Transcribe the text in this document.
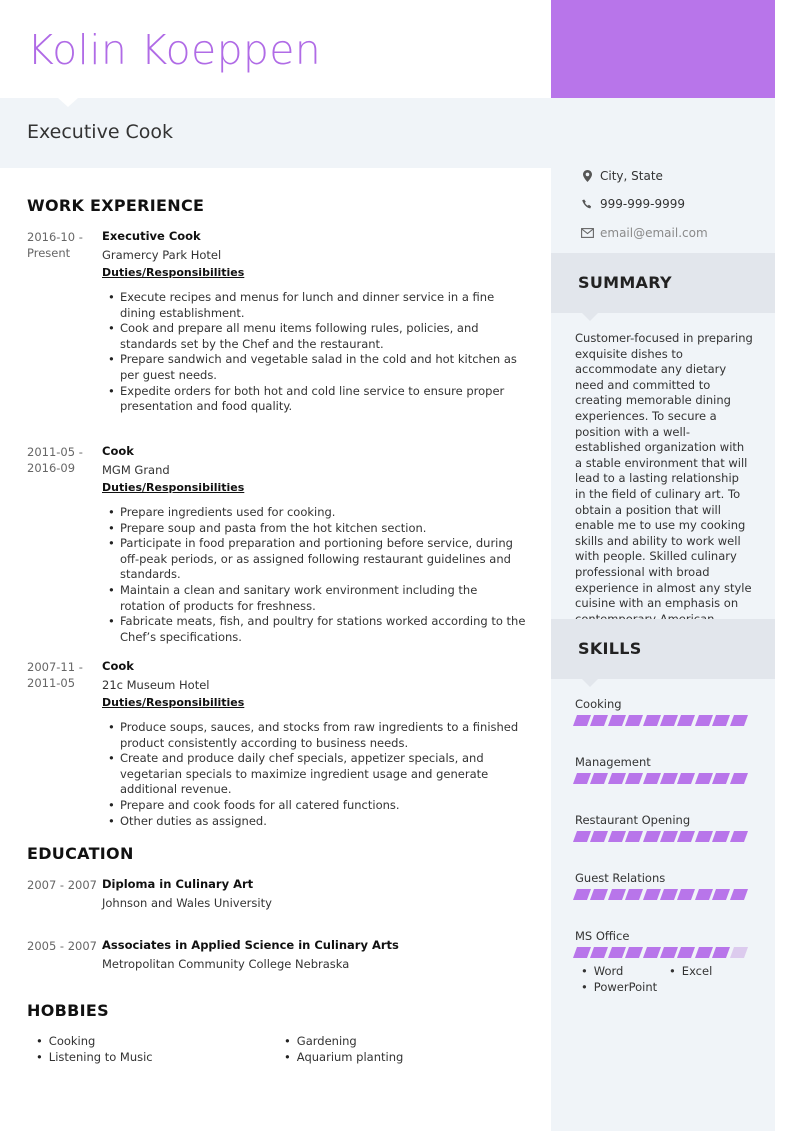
Kolin Koeppen
Executive Cook
City, State
999-999-9999
email@email.com
SUMMARY
Customer-focused in preparing exquisite dishes to accommodate any dietary need and committed to creating memorable dining experiences. To secure a position with a well-established organization with a stable environment that will lead to a lasting relationship in the field of culinary art. To obtain a position that will enable me to use my cooking skills and ability to work well with people. Skilled culinary professional with broad experience in almost any style cuisine with an emphasis on
SKILLS
Cooking
Management
Restaurant Opening
Guest Relations
MS Office
• Word
•	Excel
• PowerPoint
WORK EXPERIENCE
2016-10 -
Present
Executive Cook
Gramercy Park Hotel
Duties/Responsibilities
• Execute recipes and menus for lunch and dinner service in a fine dining establishment.
• Cook and prepare all menu items following rules, policies, and standards set by the Chef and the restaurant.
• Prepare sandwich and vegetable salad in the cold and hot kitchen as per guest needs.
• Expedite orders for both hot and cold line service to ensure proper presentation and food quality.
2011-05 -
2016-09
Cook
MGM Grand
Duties/Responsibilities
• Prepare ingredients used for cooking.
• Prepare soup and pasta from the hot kitchen section.
• Participate in food preparation and portioning before service, during off-peak periods, or as assigned following restaurant guidelines and standards.
• Maintain a clean and sanitary work environment including the rotation of products for freshness.
• Fabricate meats, fish, and poultry for stations worked according to the Chef’s specifications.
2007-11 -
2011-05
Cook
21c Museum Hotel
Duties/Responsibilities
• Produce soups, sauces, and stocks from raw ingredients to a finished product consistently according to business needs.
• Create and produce daily chef specials, appetizer specials, and vegetarian specials to maximize ingredient usage and generate additional revenue.
• Prepare and cook foods for all catered functions.
• Other duties as assigned.
EDUCATION
2007 - 2007 Diploma in Culinary Art
Johnson and Wales University
2005 - 2007 Associates in Applied Science in Culinary Arts
Metropolitan Community College Nebraska
HOBBIES
• Cooking
• Listening to Music
• Gardening
• Aquarium planting
